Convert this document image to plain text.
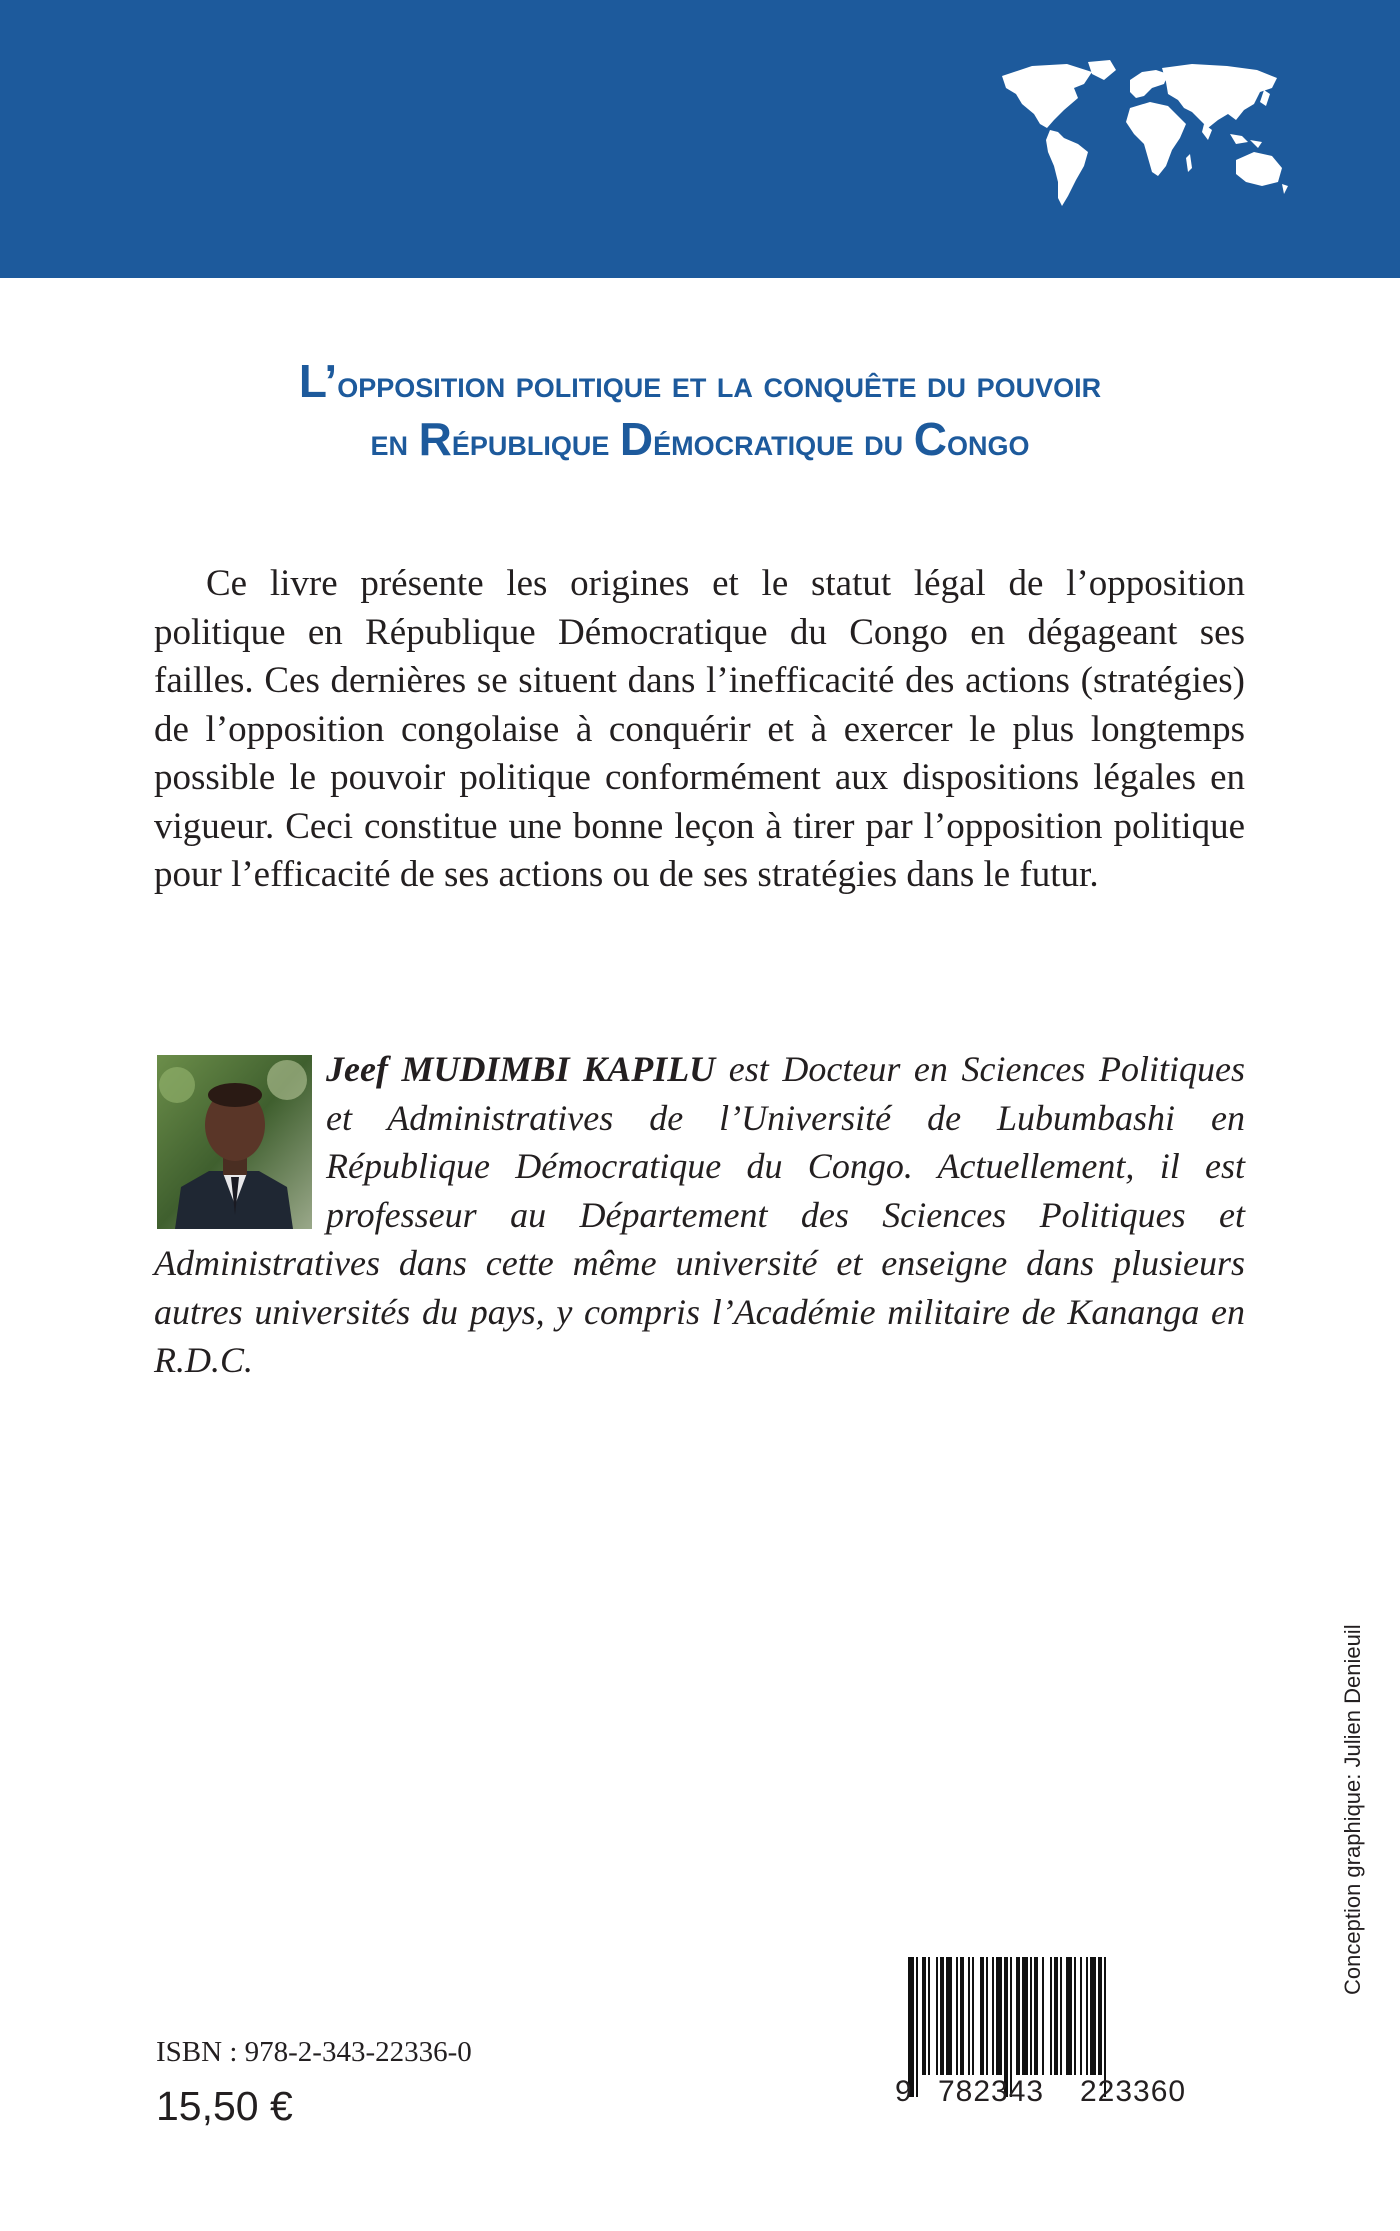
L’opposition politique et la conquête du pouvoir
en République Démocratique du Congo

Ce livre présente les origines et le statut légal de l’opposition politique en République Démocratique du Congo en dégageant ses failles. Ces dernières se situent dans l’inefficacité des actions (stratégies) de l’opposition congolaise à conquérir et à exercer le plus longtemps possible le pouvoir politique conformément aux dispositions légales en vigueur. Ceci constitue une bonne leçon à tirer par l’opposition politique pour l’efficacité de ses actions ou de ses stratégies dans le futur.

Jeef MUDIMBI KAPILU est Docteur en Sciences Politiques et Administratives de l’Université de Lubumbashi en République Démocratique du Congo. Actuellement, il est professeur au Département des Sciences Politiques et Administratives dans cette même université et enseigne dans plusieurs autres universités du pays, y compris l’Académie militaire de Kananga en R.D.C.

Conception graphique: Julien Denieuil
ISBN : 978-2-343-22336-0
15,50 €	9 782343 223360
